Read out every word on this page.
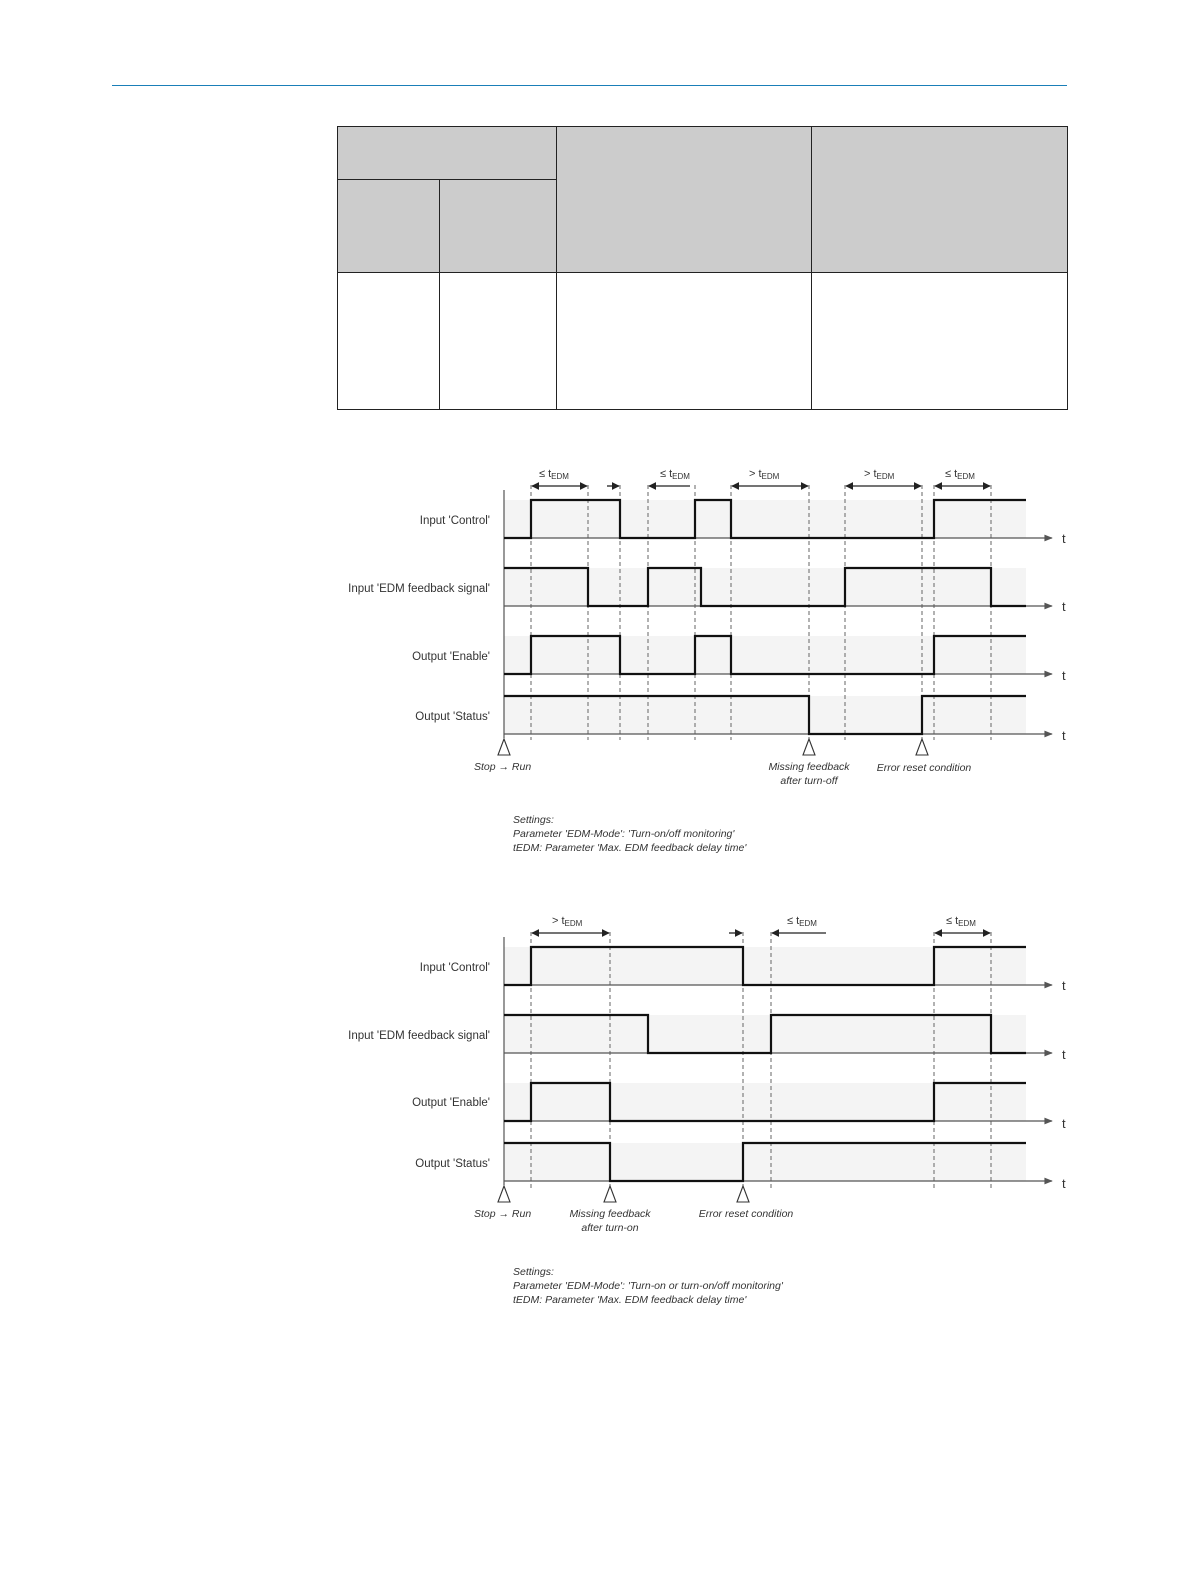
≤ tEDM	≤ tEDM	> tEDM	> tEDM	≤ tEDM
Input 'Control'
Input 'EDM feedback signal'
Output 'Enable'
Output 'Status'
t
t
t
t
Stop → Run	Missing feedback
after turn-off
Error reset condition
Settings:
Parameter 'EDM-Mode': 'Turn-on/off monitoring'
tEDM: Parameter 'Max. EDM feedback delay time'
> tEDM	≤ tEDM	≤ tEDM
Input 'Control'
Input 'EDM feedback signal'
Output 'Enable'
Output 'Status'
t
t
t
t
Stop → Run	Missing feedback
after turn-on
Error reset condition
Settings:
Parameter 'EDM-Mode': 'Turn-on or turn-on/off monitoring'
tEDM: Parameter 'Max. EDM feedback delay time'
